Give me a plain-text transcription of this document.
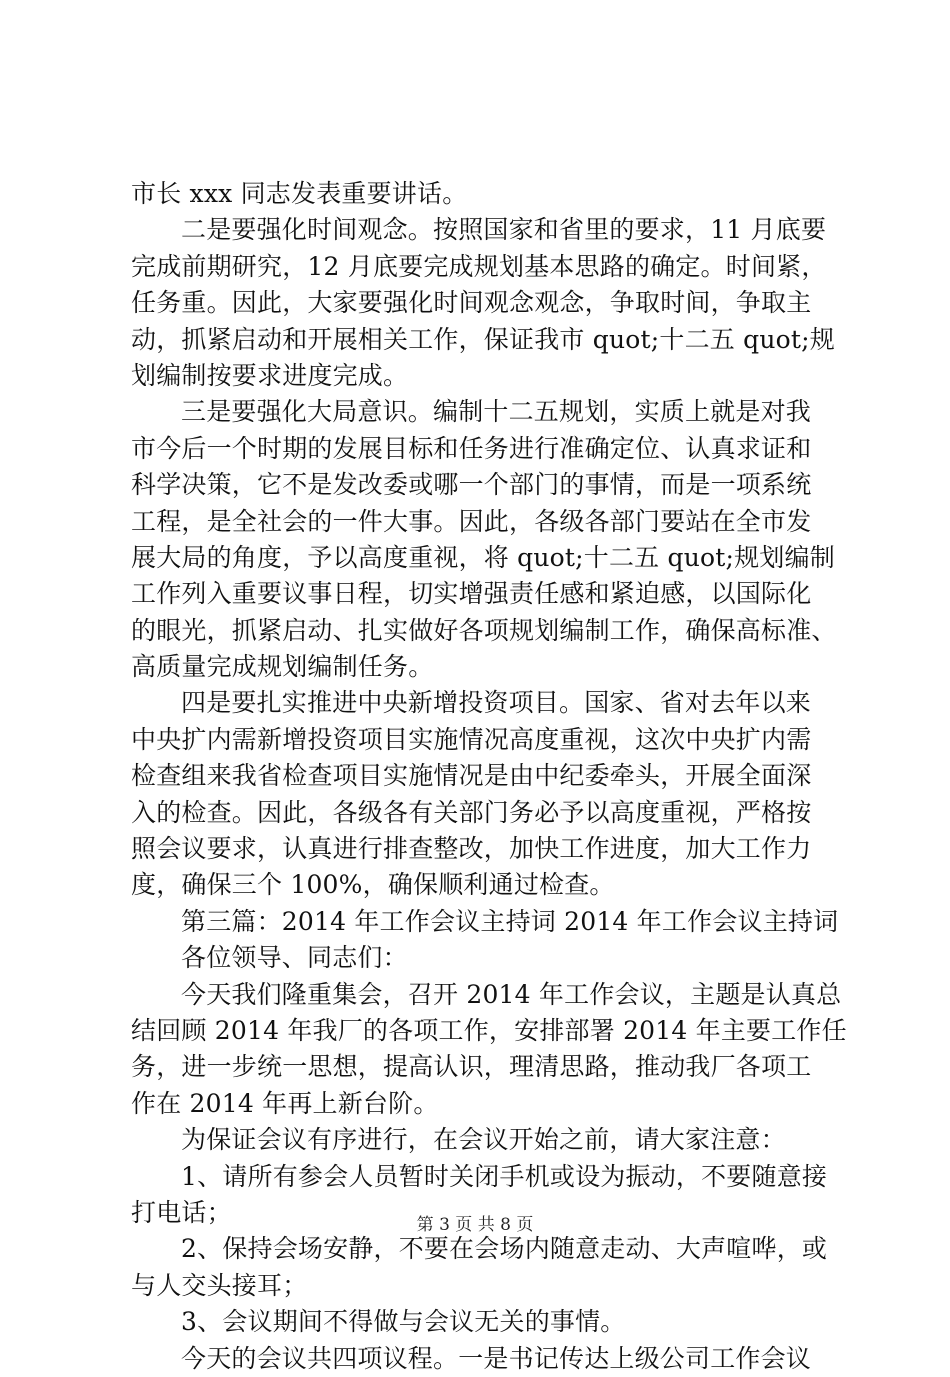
市长 xxx 同志发表重要讲话。
二是要强化时间观念。按照国家和省里的要求，11 月底要
完成前期研究，12 月底要完成规划基本思路的确定。时间紧，
任务重。因此，大家要强化时间观念观念，争取时间，争取主
动，抓紧启动和开展相关工作，保证我市 quot;十二五 quot;规
划编制按要求进度完成。
三是要强化大局意识。编制十二五规划，实质上就是对我
市今后一个时期的发展目标和任务进行准确定位、认真求证和
科学决策，它不是发改委或哪一个部门的事情，而是一项系统
工程，是全社会的一件大事。因此，各级各部门要站在全市发
展大局的角度，予以高度重视，将 quot;十二五 quot;规划编制
工作列入重要议事日程，切实增强责任感和紧迫感，以国际化
的眼光，抓紧启动、扎实做好各项规划编制工作，确保高标准、
高质量完成规划编制任务。
四是要扎实推进中央新增投资项目。国家、省对去年以来
中央扩内需新增投资项目实施情况高度重视，这次中央扩内需
检查组来我省检查项目实施情况是由中纪委牵头，开展全面深
入的检查。因此，各级各有关部门务必予以高度重视，严格按
照会议要求，认真进行排查整改，加快工作进度，加大工作力
度，确保三个 100%，确保顺利通过检查。
第三篇：2014 年工作会议主持词 2014 年工作会议主持词
各位领导、同志们：
今天我们隆重集会，召开 2014 年工作会议，主题是认真总
结回顾 2014 年我厂的各项工作，安排部署 2014 年主要工作任
务，进一步统一思想，提高认识，理清思路，推动我厂各项工
作在 2014 年再上新台阶。
为保证会议有序进行，在会议开始之前，请大家注意：
1、请所有参会人员暂时关闭手机或设为振动，不要随意接
打电话；
2、保持会场安静，不要在会场内随意走动、大声喧哗，或
与人交头接耳；
3、会议期间不得做与会议无关的事情。
今天的会议共四项议程。一是书记传达上级公司工作会议
第 3 页 共 8 页
